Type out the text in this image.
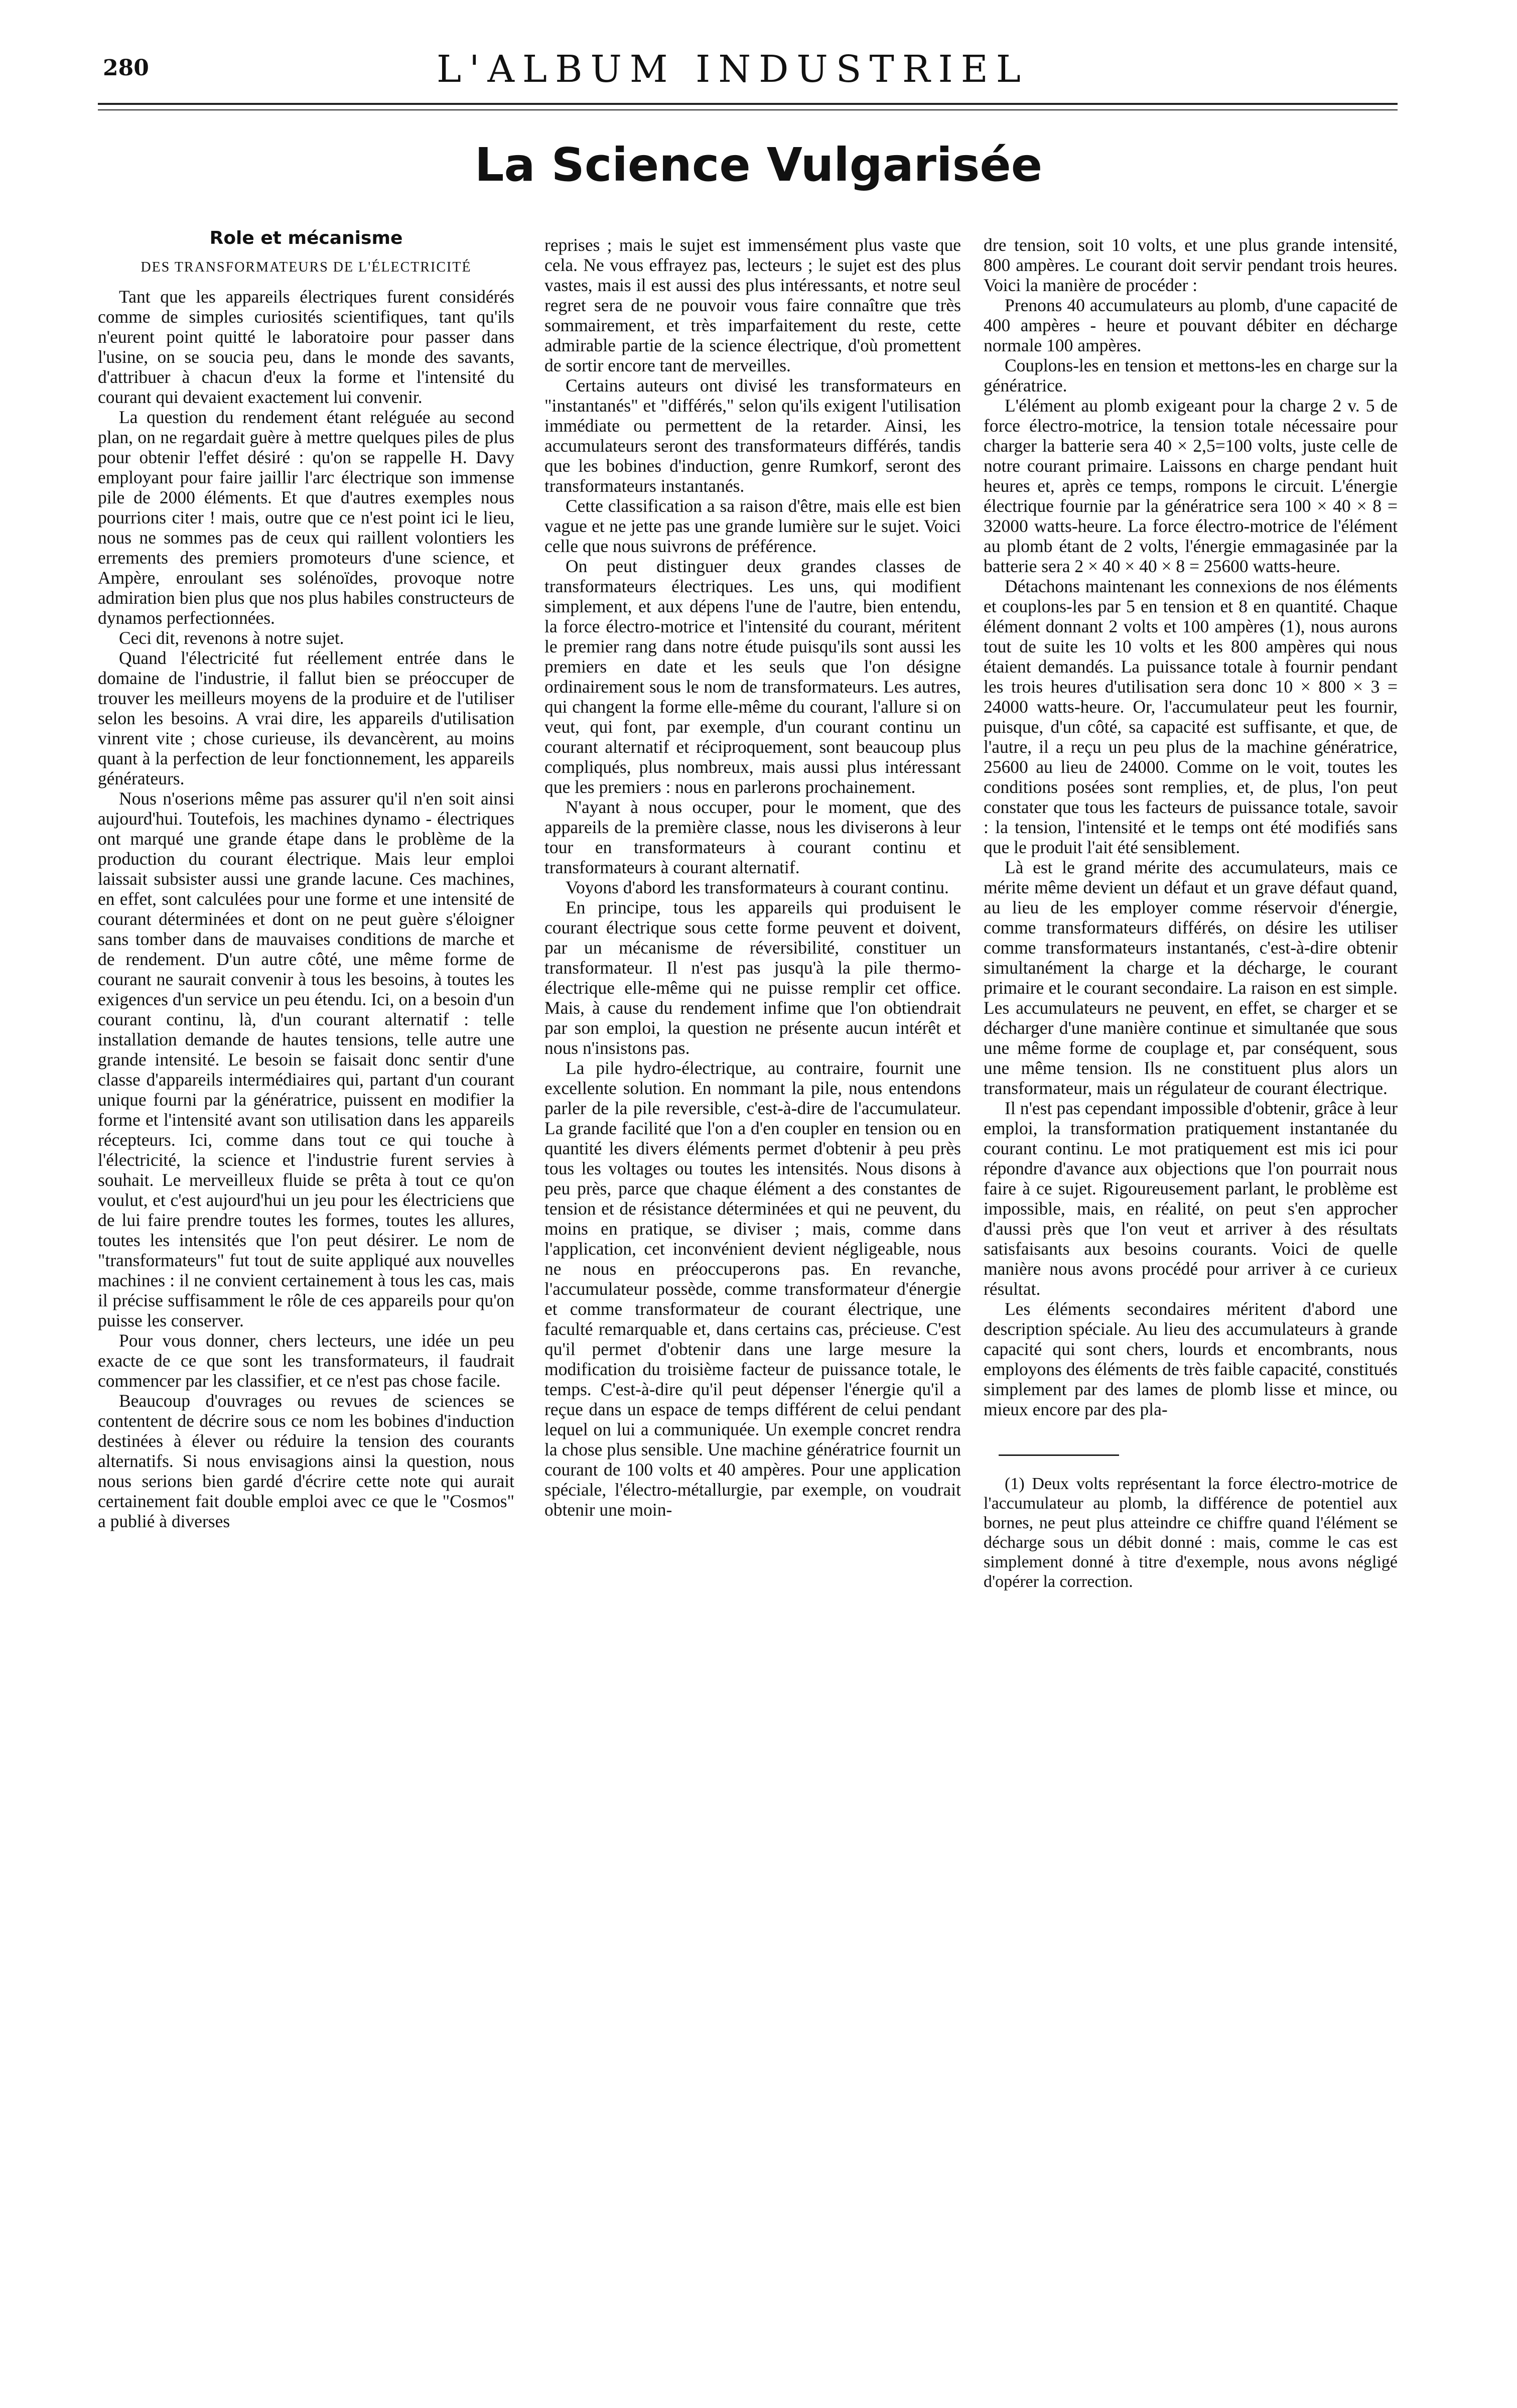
280	L'ALBUM INDUSTRIEL
La Science Vulgarisée
Role et mécanisme
DES TRANSFORMATEURS DE L'ÉLECTRICITÉ

Tant que les appareils électriques furent considérés comme de simples curiosités scientifiques, tant qu'ils n'eurent point quitté le laboratoire pour passer dans l'usine, on se soucia peu, dans le monde des savants, d'attribuer à chacun d'eux la forme et l'intensité du courant qui devaient exactement lui convenir.

La question du rendement étant reléguée au second plan, on ne regardait guère à mettre quelques piles de plus pour obtenir l'effet désiré : qu'on se rappelle H. Davy employant pour faire jaillir l'arc électrique son immense pile de 2000 éléments. Et que d'autres exemples nous pourrions citer ! mais, outre que ce n'est point ici le lieu, nous ne sommes pas de ceux qui raillent volontiers les errements des premiers promoteurs d'une science, et Ampère, enroulant ses solénoïdes, provoque notre admiration bien plus que nos plus habiles constructeurs de dynamos perfectionnées.

Ceci dit, revenons à notre sujet.

Quand l'électricité fut réellement entrée dans le domaine de l'industrie, il fallut bien se préoccuper de trouver les meilleurs moyens de la produire et de l'utiliser selon les besoins. A vrai dire, les appareils d'utilisation vinrent vite ; chose curieuse, ils devancèrent, au moins quant à la perfection de leur fonctionnement, les appareils générateurs.

Nous n'oserions même pas assurer qu'il n'en soit ainsi aujourd'hui. Toutefois, les machines dynamo - électriques ont marqué une grande étape dans le problème de la production du courant électrique. Mais leur emploi laissait subsister aussi une grande lacune. Ces machines, en effet, sont calculées pour une forme et une intensité de courant déterminées et dont on ne peut guère s'éloigner sans tomber dans de mauvaises conditions de marche et de rendement. D'un autre côté, une même forme de courant ne saurait convenir à tous les besoins, à toutes les exigences d'un service un peu étendu. Ici, on a besoin d'un courant continu, là, d'un courant alternatif : telle installation demande de hautes tensions, telle autre une grande intensité. Le besoin se faisait donc sentir d'une classe d'appareils intermédiaires qui, partant d'un courant unique fourni par la génératrice, puissent en modifier la forme et l'intensité avant son utilisation dans les appareils récepteurs. Ici, comme dans tout ce qui touche à l'électricité, la science et l'industrie furent servies à souhait. Le merveilleux fluide se prêta à tout ce qu'on voulut, et c'est aujourd'hui un jeu pour les électriciens que de lui faire prendre toutes les formes, toutes les allures, toutes les intensités que l'on peut désirer. Le nom de "transformateurs" fut tout de suite appliqué aux nouvelles machines : il ne convient certainement à tous les cas, mais il précise suffisamment le rôle de ces appareils pour qu'on puisse les conserver.

Pour vous donner, chers lecteurs, une idée un peu exacte de ce que sont les transformateurs, il faudrait commencer par les classifier, et ce n'est pas chose facile.

Beaucoup d'ouvrages ou revues de sciences se contentent de décrire sous ce nom les bobines d'induction destinées à élever ou réduire la tension des courants alternatifs. Si nous envisagions ainsi la question, nous nous serions bien gardé d'écrire cette note qui aurait certainement fait double emploi avec ce que le "Cosmos" a publié à diverses

reprises ; mais le sujet est immensément plus vaste que cela. Ne vous effrayez pas, lecteurs ; le sujet est des plus vastes, mais il est aussi des plus intéressants, et notre seul regret sera de ne pouvoir vous faire connaître que très sommairement, et très imparfaitement du reste, cette admirable partie de la science électrique, d'où promettent de sortir encore tant de merveilles.

Certains auteurs ont divisé les transformateurs en "instantanés" et "différés," selon qu'ils exigent l'utilisation immédiate ou permettent de la retarder. Ainsi, les accumulateurs seront des transformateurs différés, tandis que les bobines d'induction, genre Rumkorf, seront des transformateurs instantanés.

Cette classification a sa raison d'être, mais elle est bien vague et ne jette pas une grande lumière sur le sujet. Voici celle que nous suivrons de préférence.

On peut distinguer deux grandes classes de transformateurs électriques. Les uns, qui modifient simplement, et aux dépens l'une de l'autre, bien entendu, la force électro-motrice et l'intensité du courant, méritent le premier rang dans notre étude puisqu'ils sont aussi les premiers en date et les seuls que l'on désigne ordinairement sous le nom de transformateurs. Les autres, qui changent la forme elle-même du courant, l'allure si on veut, qui font, par exemple, d'un courant continu un courant alternatif et réciproquement, sont beaucoup plus compliqués, plus nombreux, mais aussi plus intéressant que les premiers : nous en parlerons prochainement.

N'ayant à nous occuper, pour le moment, que des appareils de la première classe, nous les diviserons à leur tour en transformateurs à courant continu et transformateurs à courant alternatif.

Voyons d'abord les transformateurs à courant continu.

En principe, tous les appareils qui produisent le courant électrique sous cette forme peuvent et doivent, par un mécanisme de réversibilité, constituer un transformateur. Il n'est pas jusqu'à la pile thermo-électrique elle-même qui ne puisse remplir cet office. Mais, à cause du rendement infime que l'on obtiendrait par son emploi, la question ne présente aucun intérêt et nous n'insistons pas.

La pile hydro-électrique, au contraire, fournit une excellente solution. En nommant la pile, nous entendons parler de la pile reversible, c'est-à-dire de l'accumulateur. La grande facilité que l'on a d'en coupler en tension ou en quantité les divers éléments permet d'obtenir à peu près tous les voltages ou toutes les intensités. Nous disons à peu près, parce que chaque élément a des constantes de tension et de résistance déterminées et qui ne peuvent, du moins en pratique, se diviser ; mais, comme dans l'application, cet inconvénient devient négligeable, nous ne nous en préoccuperons pas. En revanche, l'accumulateur possède, comme transformateur d'énergie et comme transformateur de courant électrique, une faculté remarquable et, dans certains cas, précieuse. C'est qu'il permet d'obtenir dans une large mesure la modification du troisième facteur de puissance totale, le temps. C'est-à-dire qu'il peut dépenser l'énergie qu'il a reçue dans un espace de temps différent de celui pendant lequel on lui a communiquée. Un exemple concret rendra la chose plus sensible. Une machine génératrice fournit un courant de 100 volts et 40 ampères. Pour une application spéciale, l'électro-métallurgie, par exemple, on voudrait obtenir une moin-

dre tension, soit 10 volts, et une plus grande intensité, 800 ampères. Le courant doit servir pendant trois heures. Voici la manière de procéder :

Prenons 40 accumulateurs au plomb, d'une capacité de 400 ampères - heure et pouvant débiter en décharge normale 100 ampères.

Couplons-les en tension et mettons-les en charge sur la génératrice.

L'élément au plomb exigeant pour la charge 2 v. 5 de force électro-motrice, la tension totale nécessaire pour charger la batterie sera 40 × 2,5=100 volts, juste celle de notre courant primaire. Laissons en charge pendant huit heures et, après ce temps, rompons le circuit. L'énergie électrique fournie par la génératrice sera 100 × 40 × 8 = 32000 watts-heure. La force électro-motrice de l'élément au plomb étant de 2 volts, l'énergie emmagasinée par la batterie sera 2 × 40 × 40 × 8 = 25600 watts-heure.

Détachons maintenant les connexions de nos éléments et couplons-les par 5 en tension et 8 en quantité. Chaque élément donnant 2 volts et 100 ampères (1), nous aurons tout de suite les 10 volts et les 800 ampères qui nous étaient demandés. La puissance totale à fournir pendant les trois heures d'utilisation sera donc 10 × 800 × 3 = 24000 watts-heure. Or, l'accumulateur peut les fournir, puisque, d'un côté, sa capacité est suffisante, et que, de l'autre, il a reçu un peu plus de la machine génératrice, 25600 au lieu de 24000. Comme on le voit, toutes les conditions posées sont remplies, et, de plus, l'on peut constater que tous les facteurs de puissance totale, savoir : la tension, l'intensité et le temps ont été modifiés sans que le produit l'ait été sensiblement.

Là est le grand mérite des accumulateurs, mais ce mérite même devient un défaut et un grave défaut quand, au lieu de les employer comme réservoir d'énergie, comme transformateurs différés, on désire les utiliser comme transformateurs instantanés, c'est-à-dire obtenir simultanément la charge et la décharge, le courant primaire et le courant secondaire. La raison en est simple. Les accumulateurs ne peuvent, en effet, se charger et se décharger d'une manière continue et simultanée que sous une même forme de couplage et, par conséquent, sous une même tension. Ils ne constituent plus alors un transformateur, mais un régulateur de courant électrique.

Il n'est pas cependant impossible d'obtenir, grâce à leur emploi, la transformation pratiquement instantanée du courant continu. Le mot pratiquement est mis ici pour répondre d'avance aux objections que l'on pourrait nous faire à ce sujet. Rigoureusement parlant, le problème est impossible, mais, en réalité, on peut s'en approcher d'aussi près que l'on veut et arriver à des résultats satisfaisants aux besoins courants. Voici de quelle manière nous avons procédé pour arriver à ce curieux résultat.

Les éléments secondaires méritent d'abord une description spéciale. Au lieu des accumulateurs à grande capacité qui sont chers, lourds et encombrants, nous employons des éléments de très faible capacité, constitués simplement par des lames de plomb lisse et mince, ou mieux encore par des pla-

(1) Deux volts représentant la force électro-motrice de l'accumulateur au plomb, la différence de potentiel aux bornes, ne peut plus atteindre ce chiffre quand l'élément se décharge sous un débit donné : mais, comme le cas est simplement donné à titre d'exemple, nous avons négligé d'opérer la correction.
